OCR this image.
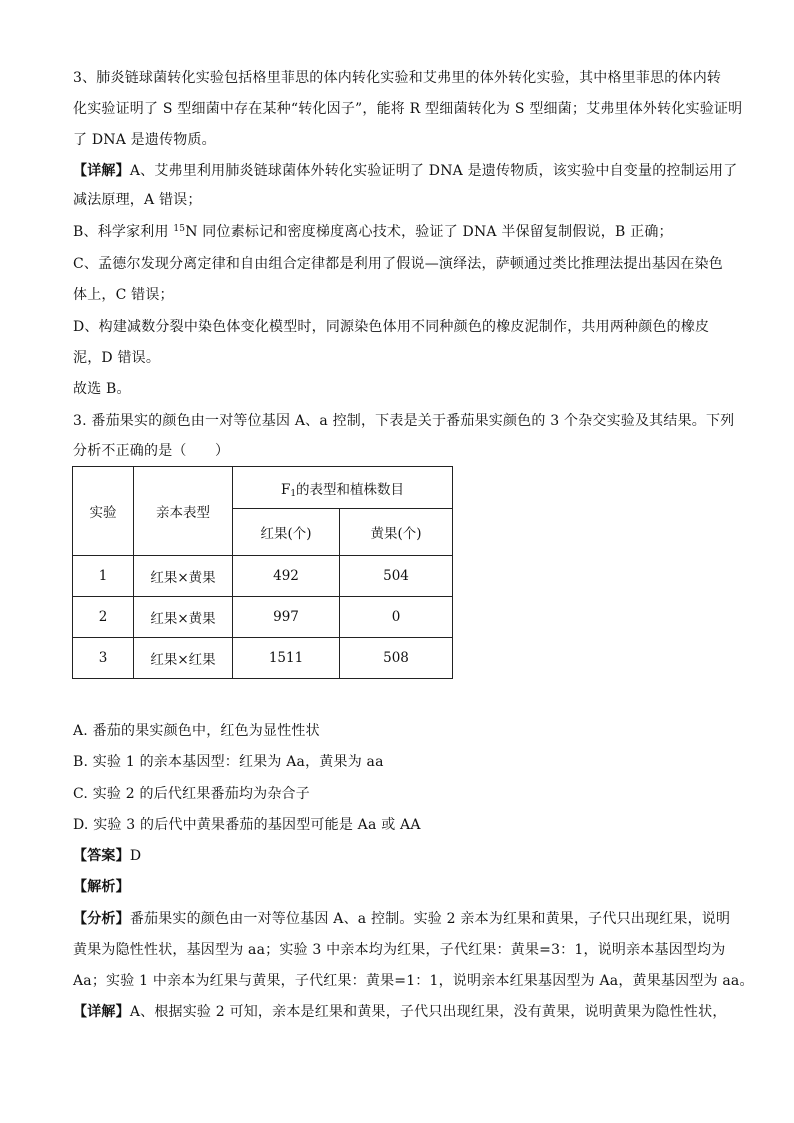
3、肺炎链球菌转化实验包括格里菲思的体内转化实验和艾弗里的体外转化实验，其中格里菲思的体内转
化实验证明了 S 型细菌中存在某种“转化因子”，能将 R 型细菌转化为 S 型细菌；艾弗里体外转化实验证明
了 DNA 是遗传物质。
【详解】A、艾弗里利用肺炎链球菌体外转化实验证明了 DNA 是遗传物质，该实验中自变量的控制运用了
减法原理，A 错误；
B、科学家利用 $^{15}$N 同位素标记和密度梯度离心技术，验证了 DNA 半保留复制假说，B 正确；
C、孟德尔发现分离定律和自由组合定律都是利用了假说—演绎法，萨顿通过类比推理法提出基因在染色
体上，C 错误；
D、构建减数分裂中染色体变化模型时，同源染色体用不同种颜色的橡皮泥制作，共用两种颜色的橡皮
泥，D 错误。
故选 B。
3. 番茄果实的颜色由一对等位基因 A、a 控制，下表是关于番茄果实颜色的 3 个杂交实验及其结果。下列
分析不正确的是（　　）
实验	亲本表型	$F_1$的表型和植株数目	
		红果(个)	黄果(个)
1	红果×黄果	492	504
2	红果×黄果	997	0
3	红果×红果	1511	508
A. 番茄的果实颜色中，红色为显性性状
B. 实验 1 的亲本基因型：红果为 Aa，黄果为 aa
C. 实验 2 的后代红果番茄均为杂合子
D. 实验 3 的后代中黄果番茄的基因型可能是 Aa 或 AA
【答案】D
【解析】
【分析】番茄果实的颜色由一对等位基因 A、a 控制。实验 2 亲本为红果和黄果，子代只出现红果，说明
黄果为隐性性状，基因型为 aa；实验 3 中亲本均为红果，子代红果：黄果=3：1，说明亲本基因型均为
Aa；实验 1 中亲本为红果与黄果，子代红果：黄果=1：1，说明亲本红果基因型为 Aa，黄果基因型为 aa。
【详解】A、根据实验 2 可知，亲本是红果和黄果，子代只出现红果，没有黄果，说明黄果为隐性性状，
